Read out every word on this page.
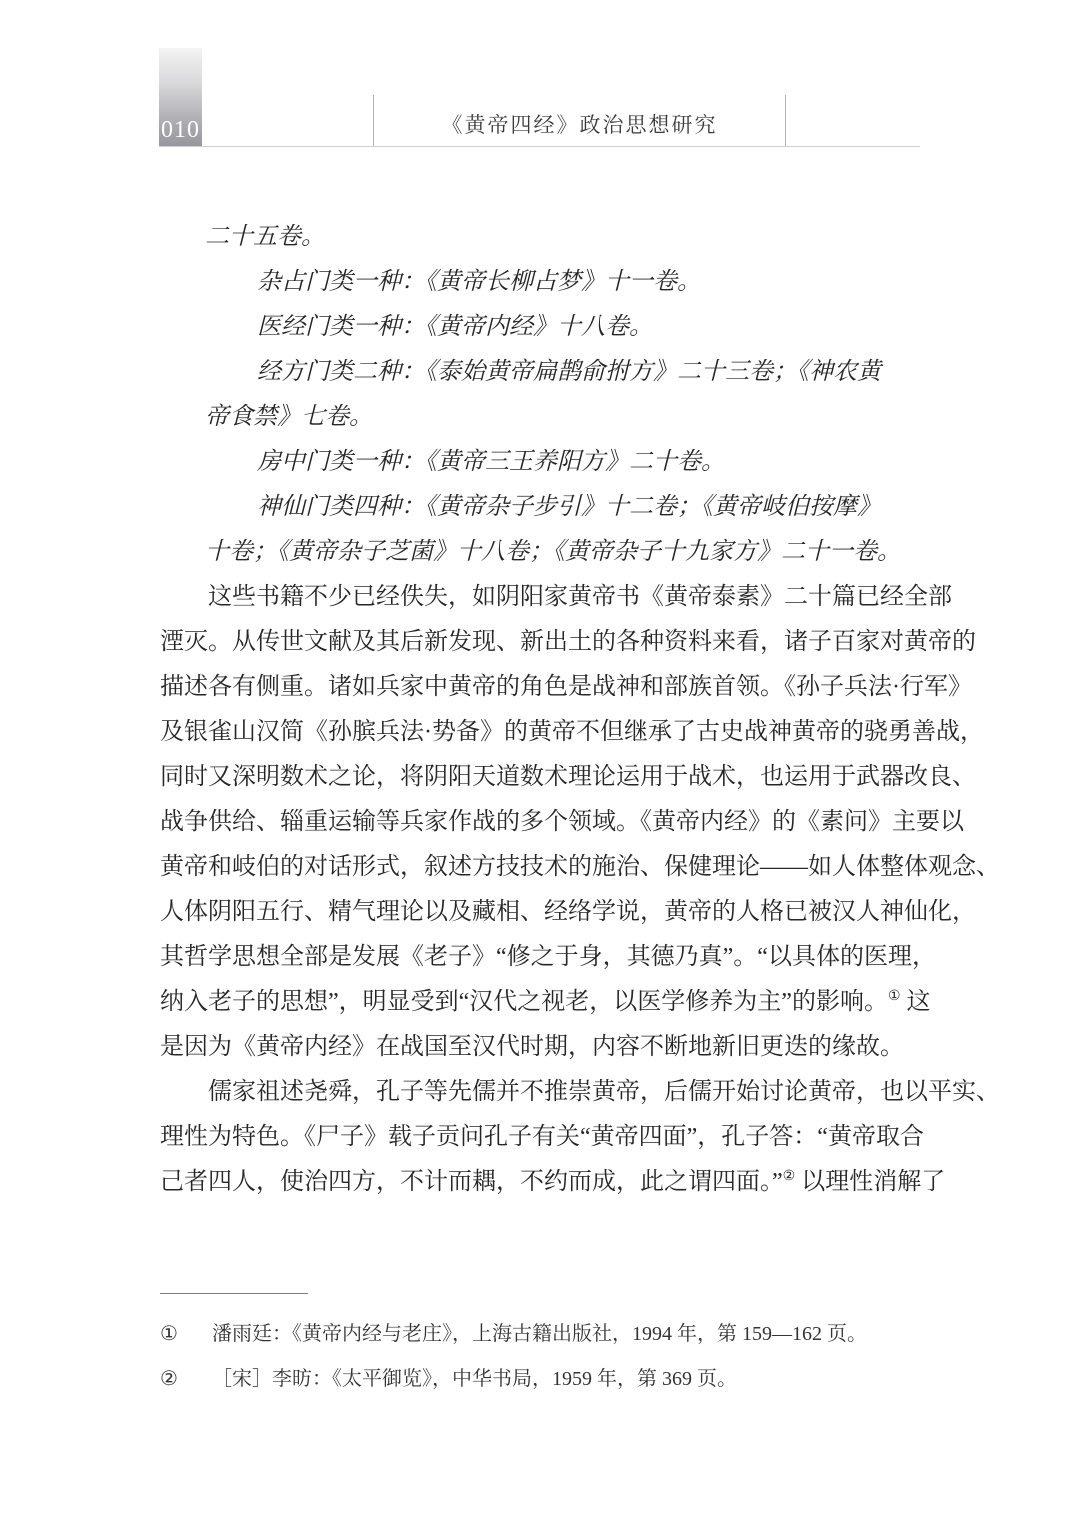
010	《黄帝四经》政治思想研究
二十五卷。
杂占门类一种：《黄帝长柳占梦》十一卷。
医经门类一种：《黄帝内经》十八卷。
经方门类二种：《泰始黄帝扁鹊俞拊方》二十三卷；《神农黄
帝食禁》七卷。
房中门类一种：《黄帝三王养阳方》二十卷。
神仙门类四种：《黄帝杂子步引》十二卷；《黄帝岐伯按摩》
十卷；《黄帝杂子芝菌》十八卷；《黄帝杂子十九家方》二十一卷。
这些书籍不少已经佚失，如阴阳家黄帝书《黄帝泰素》二十篇已经全部
湮灭。从传世文献及其后新发现、新出土的各种资料来看，诸子百家对黄帝的
描述各有侧重。诸如兵家中黄帝的角色是战神和部族首领。《孙子兵法·行军》
及银雀山汉简《孙膑兵法·势备》的黄帝不但继承了古史战神黄帝的骁勇善战，
同时又深明数术之论，将阴阳天道数术理论运用于战术，也运用于武器改良、
战争供给、辎重运输等兵家作战的多个领域。《黄帝内经》的《素问》主要以
黄帝和岐伯的对话形式，叙述方技技术的施治、保健理论——如人体整体观念、
人体阴阳五行、精气理论以及藏相、经络学说，黄帝的人格已被汉人神仙化，
其哲学思想全部是发展《老子》“修之于身，其德乃真”。“以具体的医理，
纳入老子的思想”，明显受到“汉代之视老，以医学修养为主”的影响。① 这
是因为《黄帝内经》在战国至汉代时期，内容不断地新旧更迭的缘故。
儒家祖述尧舜，孔子等先儒并不推崇黄帝，后儒开始讨论黄帝，也以平实、
理性为特色。《尸子》载子贡问孔子有关“黄帝四面”，孔子答：“黄帝取合
己者四人，使治四方，不计而耦，不约而成，此之谓四面。”② 以理性消解了
①	潘雨廷：《黄帝内经与老庄》，上海古籍出版社，1994 年，第 159—162 页。
②	［宋］李昉：《太平御览》，中华书局，1959 年，第 369 页。
